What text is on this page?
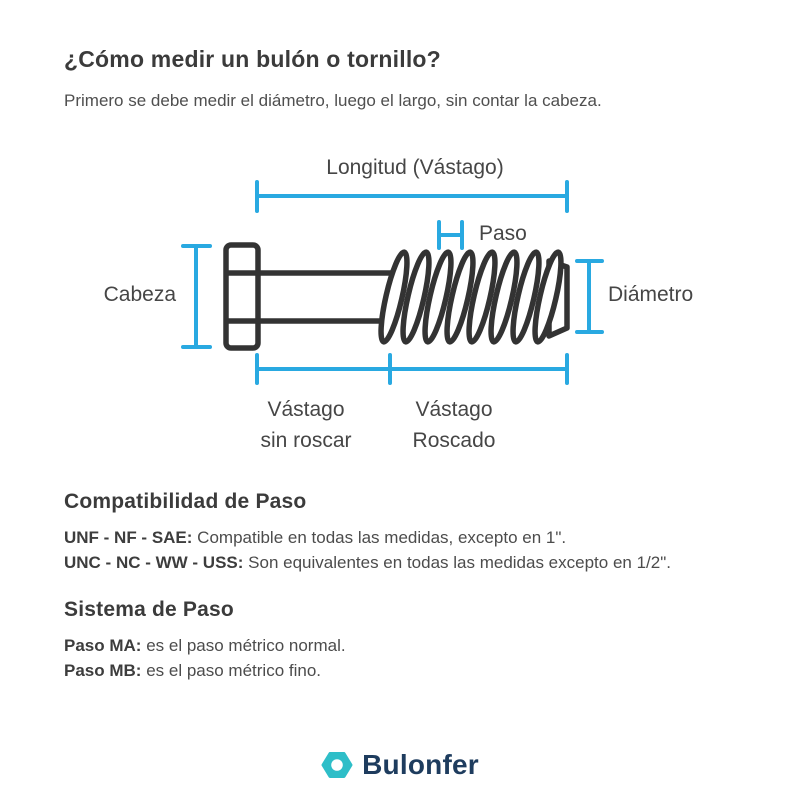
¿Cómo medir un bulón o tornillo?
Primero se debe medir el diámetro, luego el largo, sin contar la cabeza.
Longitud (Vástago)
Paso
Cabeza	Diámetro
Vástago
sin roscar
Vástago
Roscado
Compatibilidad de Paso
UNF - NF - SAE: Compatible en todas las medidas, excepto en 1".
UNC - NC - WW - USS: Son equivalentes en todas las medidas excepto en 1/2".
Sistema de Paso
Paso MA: es el paso métrico normal.
Paso MB: es el paso métrico fino.
Bulonfer
